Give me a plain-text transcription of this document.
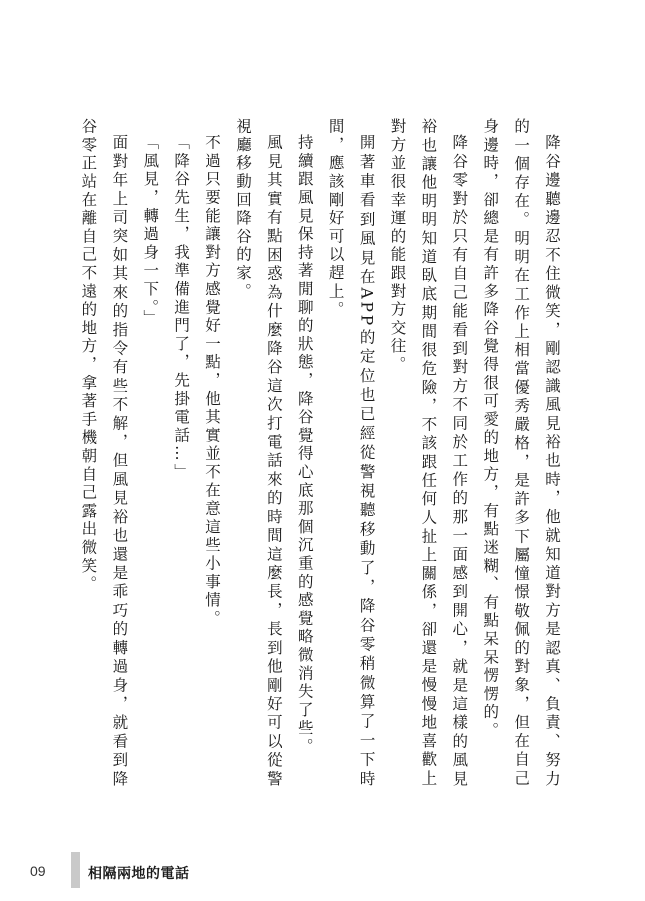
降谷邊聽邊忍不住微笑，剛認識風見裕也時，他就知道對方是認真、負責、努力的一個存在。明明在工作上相當優秀嚴格，是許多下屬憧憬敬佩的對象，但在自己身邊時，卻總是有許多降谷覺得很可愛的地方，有點迷糊、有點呆呆愣愣的。

降谷零對於只有自己能看到對方不同於工作的那一面感到開心，就是這樣的風見裕也讓他明明知道臥底期間很危險，不該跟任何人扯上關係，卻還是慢慢地喜歡上對方並很幸運的能跟對方交往。

開著車看到風見在APP的定位也已經從警視聽移動了，降谷零稍微算了一下時間，應該剛好可以趕上。

持續跟風見保持著閒聊的狀態，降谷覺得心底那個沉重的感覺略微消失了些。

風見其實有點困惑為什麼降谷這次打電話來的時間這麼長，長到他剛好可以從警視廳移動回降谷的家。

不過只要能讓對方感覺好一點，他其實並不在意這些小事情。

「降谷先生，我準備進門了，先掛電話…」

「風見，轉過身一下。」

面對年上司突如其來的指令有些不解，但風見裕也還是乖巧的轉過身，就看到降谷零正站在離自己不遠的地方，拿著手機朝自己露出微笑。

09	相隔兩地的電話
